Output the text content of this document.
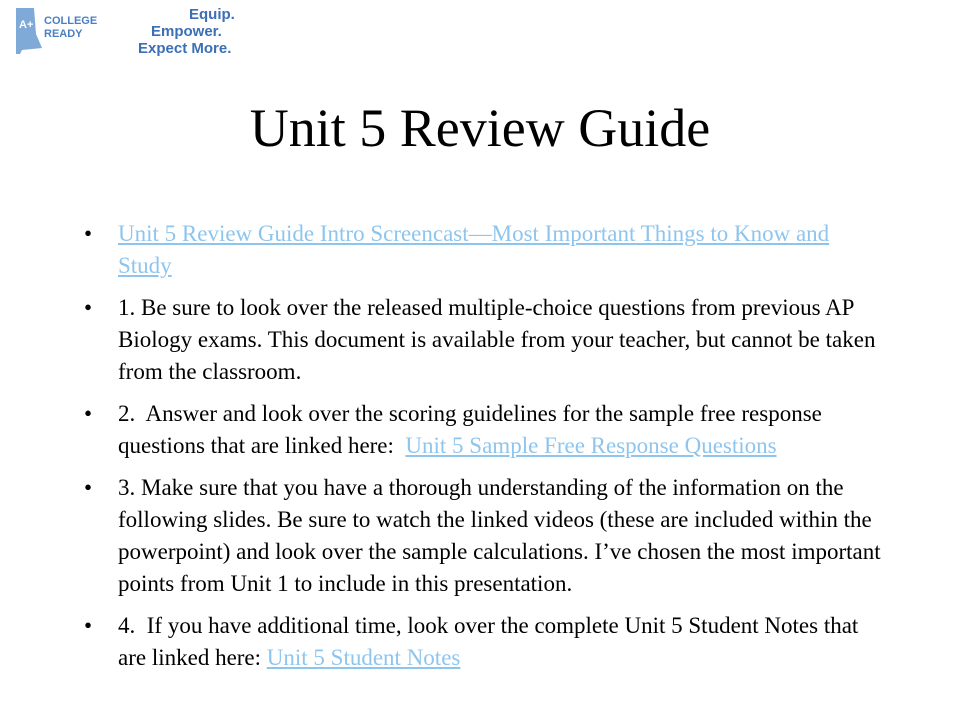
A+ COLLEGE
READY
Equip.
Empower.
Expect More.
Unit 5 Review Guide
• Unit 5 Review Guide Intro Screencast—Most Important Things to Know and Study
• 1. Be sure to look over the released multiple-choice questions from previous AP Biology exams. This document is available from your teacher, but cannot be taken from the classroom.
• 2.  Answer and look over the scoring guidelines for the sample free response questions that are linked here:  Unit 5 Sample Free Response Questions
• 3. Make sure that you have a thorough understanding of the information on the following slides. Be sure to watch the linked videos (these are included within the powerpoint) and look over the sample calculations. I’ve chosen the most important points from Unit 1 to include in this presentation.
• 4.  If you have additional time, look over the complete Unit 5 Student Notes that are linked here: Unit 5 Student Notes
